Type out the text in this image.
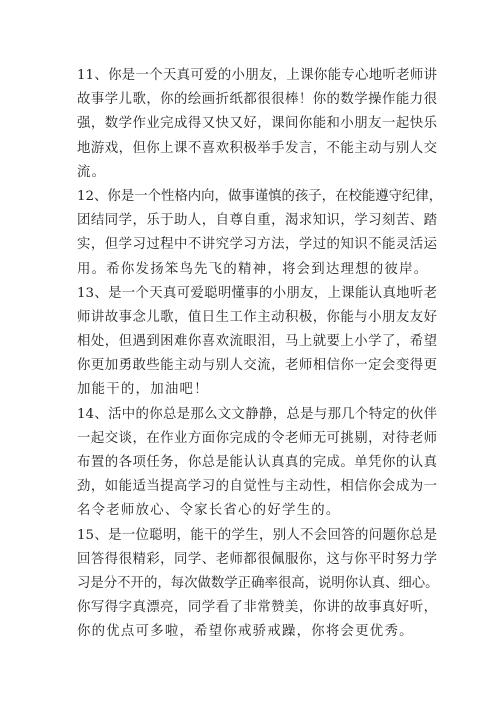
11、你是一个天真可爱的小朋友，上课你能专心地听老师讲
故事学儿歌，你的绘画折纸都很很棒！你的数学操作能力很
强，数学作业完成得又快又好，课间你能和小朋友一起快乐
地游戏，但你上课不喜欢积极举手发言，不能主动与别人交
流。
12、你是一个性格内向，做事谨慎的孩子，在校能遵守纪律，
团结同学，乐于助人，自尊自重，渴求知识，学习刻苦、踏
实，但学习过程中不讲究学习方法，学过的知识不能灵活运
用。希你发扬笨鸟先飞的精神，将会到达理想的彼岸。
13、是一个天真可爱聪明懂事的小朋友，上课能认真地听老
师讲故事念儿歌，值日生工作主动积极，你能与小朋友友好
相处，但遇到困难你喜欢流眼泪，马上就要上小学了，希望
你更加勇敢些能主动与别人交流，老师相信你一定会变得更
加能干的，加油吧！
14、活中的你总是那么文文静静，总是与那几个特定的伙伴
一起交谈，在作业方面你完成的令老师无可挑剔，对待老师
布置的各项任务，你总是能认认真真的完成。单凭你的认真
劲，如能适当提高学习的自觉性与主动性，相信你会成为一
名令老师放心、令家长省心的好学生的。
15、是一位聪明，能干的学生，别人不会回答的问题你总是
回答得很精彩，同学、老师都很佩服你，这与你平时努力学
习是分不开的，每次做数学正确率很高，说明你认真、细心。
你写得字真漂亮，同学看了非常赞美，你讲的故事真好听，
你的优点可多啦，希望你戒骄戒躁，你将会更优秀。
